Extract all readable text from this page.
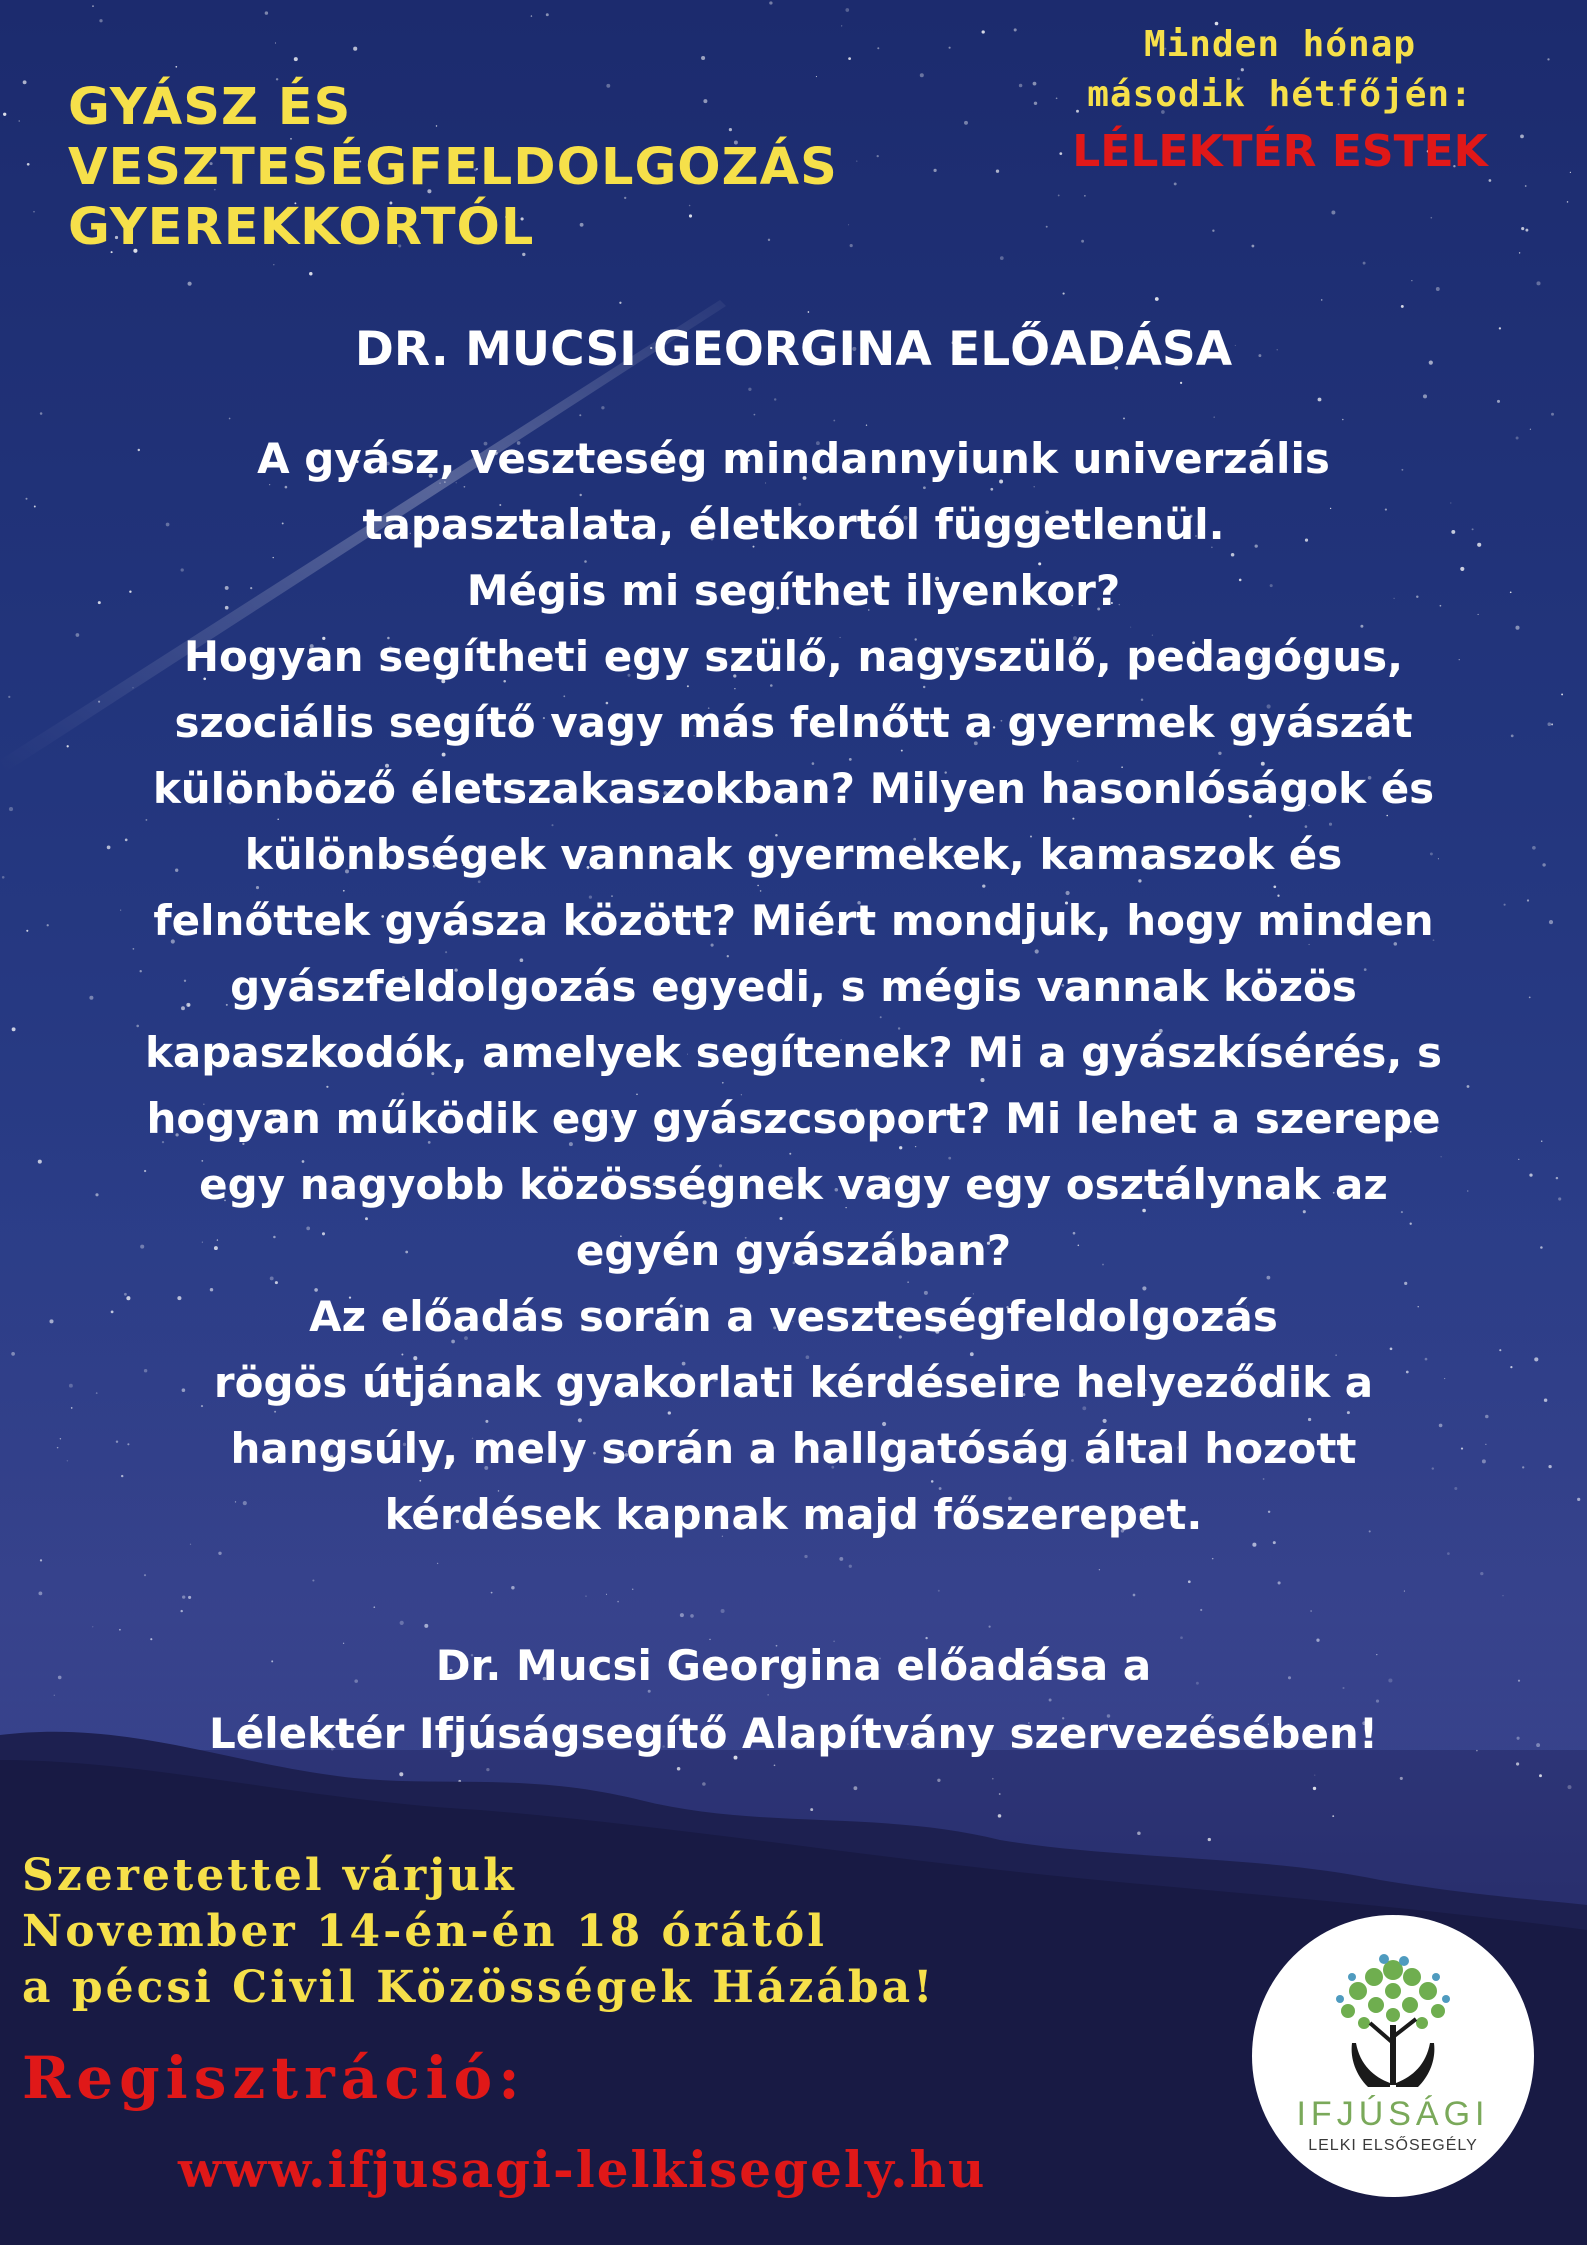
GYÁSZ ÉS
VESZTESÉGFELDOLGOZÁS
GYEREKKORTÓL
Minden hónap
második hétfőjén:
LÉLEKTÉR ESTEK
DR. MUCSI GEORGINA ELŐADÁSA
A gyász, veszteség mindannyiunk univerzális
tapasztalata, életkortól függetlenül.
Mégis mi segíthet ilyenkor?
Hogyan segítheti egy szülő, nagyszülő, pedagógus,
szociális segítő vagy más felnőtt a gyermek gyászát
különböző életszakaszokban? Milyen hasonlóságok és
különbségek vannak gyermekek, kamaszok és
felnőttek gyásza között? Miért mondjuk, hogy minden
gyászfeldolgozás egyedi, s mégis vannak közös
kapaszkodók, amelyek segítenek? Mi a gyászkísérés, s
hogyan működik egy gyászcsoport? Mi lehet a szerepe
egy nagyobb közösségnek vagy egy osztálynak az
egyén gyászában?
Az előadás során a veszteségfeldolgozás
rögös útjának gyakorlati kérdéseire helyeződik a
hangsúly, mely során a hallgatóság által hozott
kérdések kapnak majd főszerepet.
Dr. Mucsi Georgina előadása a
Lélektér Ifjúságsegítő Alapítvány szervezésében!
Szeretettel várjuk
November 14-én-én 18 órától
a pécsi Civil Közösségek Házába!
Regisztráció:
www.ifjusagi-lelkisegely.hu
IFJÚSÁGI
LELKI ELSŐSEGÉLY
